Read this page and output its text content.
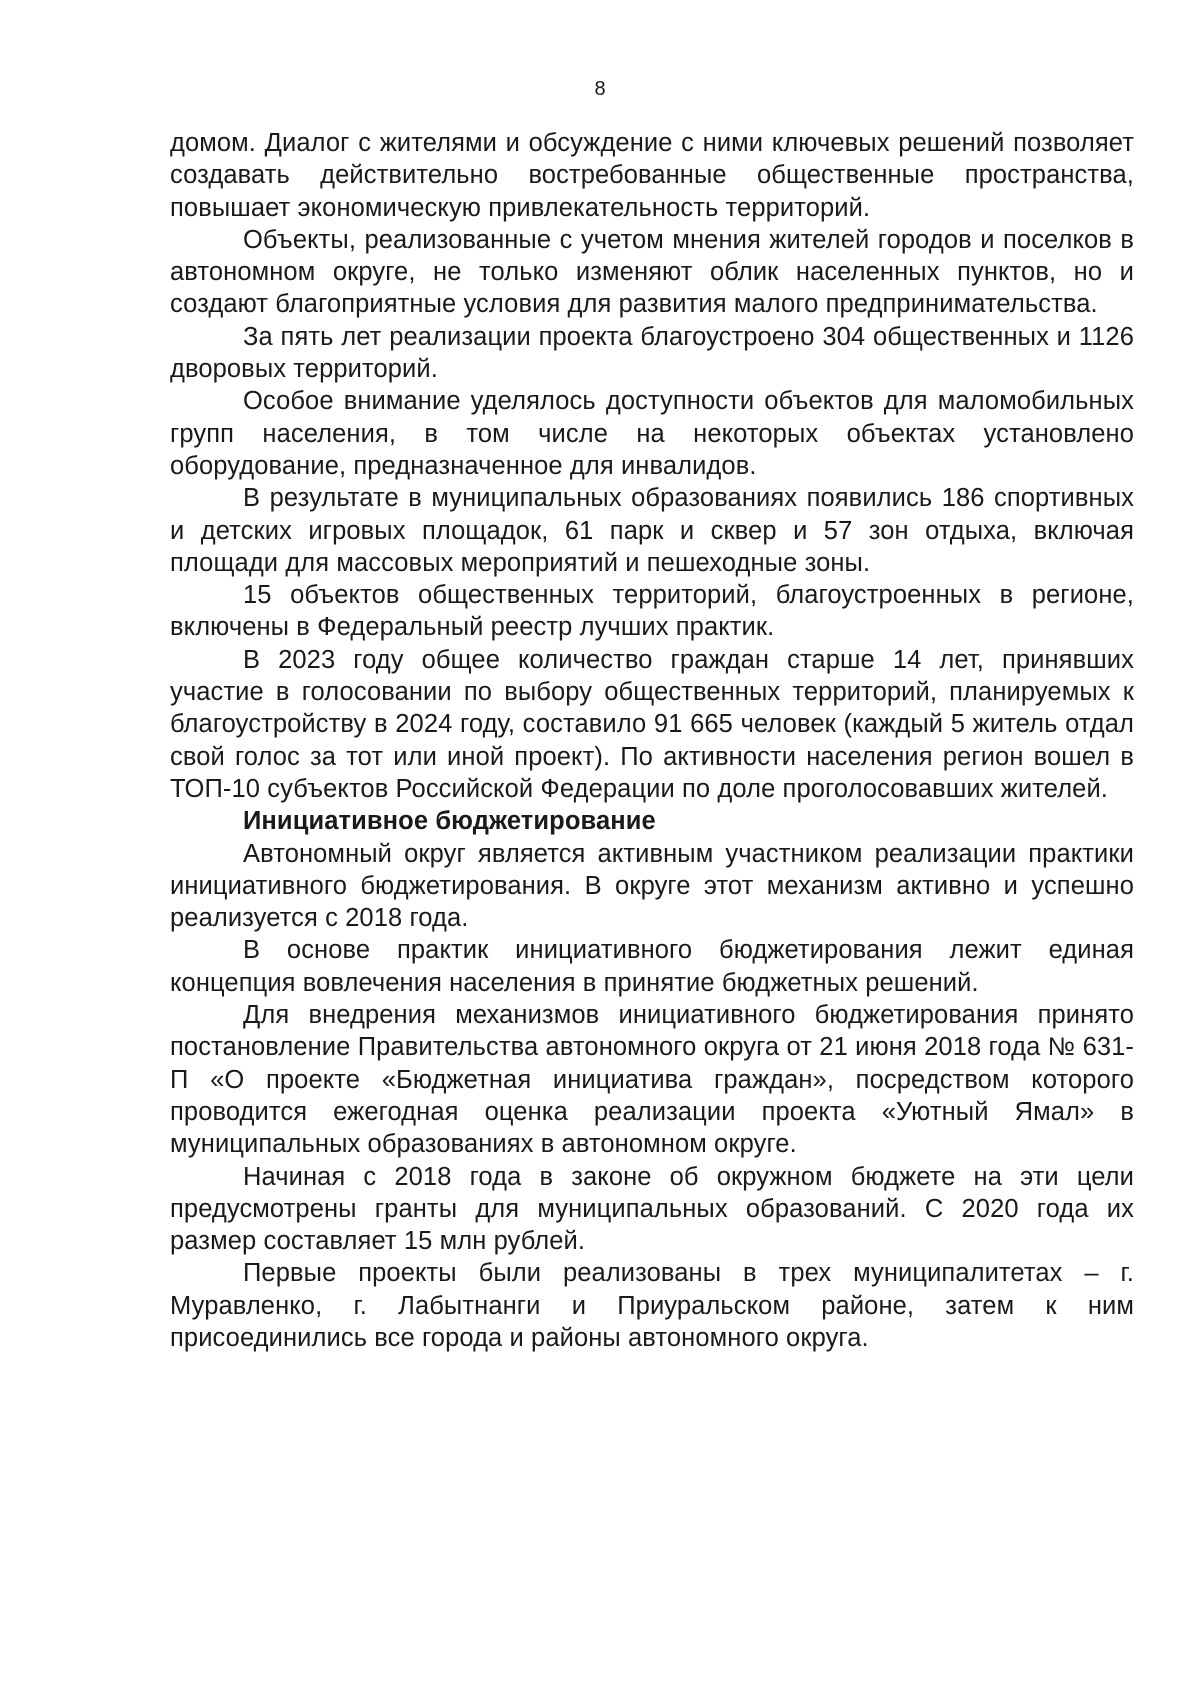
8

домом. Диалог с жителями и обсуждение с ними ключевых решений позволяет создавать действительно востребованные общественные пространства, повышает экономическую привлекательность территорий.

Объекты, реализованные с учетом мнения жителей городов и поселков в автономном округе, не только изменяют облик населенных пунктов, но и создают благоприятные условия для развития малого предпринимательства.

За пять лет реализации проекта благоустроено 304 общественных и 1126 дворовых территорий.

Особое внимание уделялось доступности объектов для маломобильных групп населения, в том числе на некоторых объектах установлено оборудование, предназначенное для инвалидов.

В результате в муниципальных образованиях появились 186 спортивных и детских игровых площадок, 61 парк и сквер и 57 зон отдыха, включая площади для массовых мероприятий и пешеходные зоны.

15 объектов общественных территорий, благоустроенных в регионе, включены в Федеральный реестр лучших практик.

В 2023 году общее количество граждан старше 14 лет, принявших участие в голосовании по выбору общественных территорий, планируемых к благоустройству в 2024 году, составило 91 665 человек (каждый 5 житель отдал свой голос за тот или иной проект). По активности населения регион вошел в ТОП-10 субъектов Российской Федерации по доле проголосовавших жителей.

Инициативное бюджетирование

Автономный округ является активным участником реализации практики инициативного бюджетирования. В округе этот механизм активно и успешно реализуется с 2018 года.

В основе практик инициативного бюджетирования лежит единая концепция вовлечения населения в принятие бюджетных решений.

Для внедрения механизмов инициативного бюджетирования принято постановление Правительства автономного округа от 21 июня 2018 года № 631-П «О проекте «Бюджетная инициатива граждан», посредством которого проводится ежегодная оценка реализации проекта «Уютный Ямал» в муниципальных образованиях в автономном округе.

Начиная с 2018 года в законе об окружном бюджете на эти цели предусмотрены гранты для муниципальных образований. С 2020 года их размер составляет 15 млн рублей.

Первые проекты были реализованы в трех муниципалитетах – г. Муравленко, г. Лабытнанги и Приуральском районе, затем к ним присоединились все города и районы автономного округа.
